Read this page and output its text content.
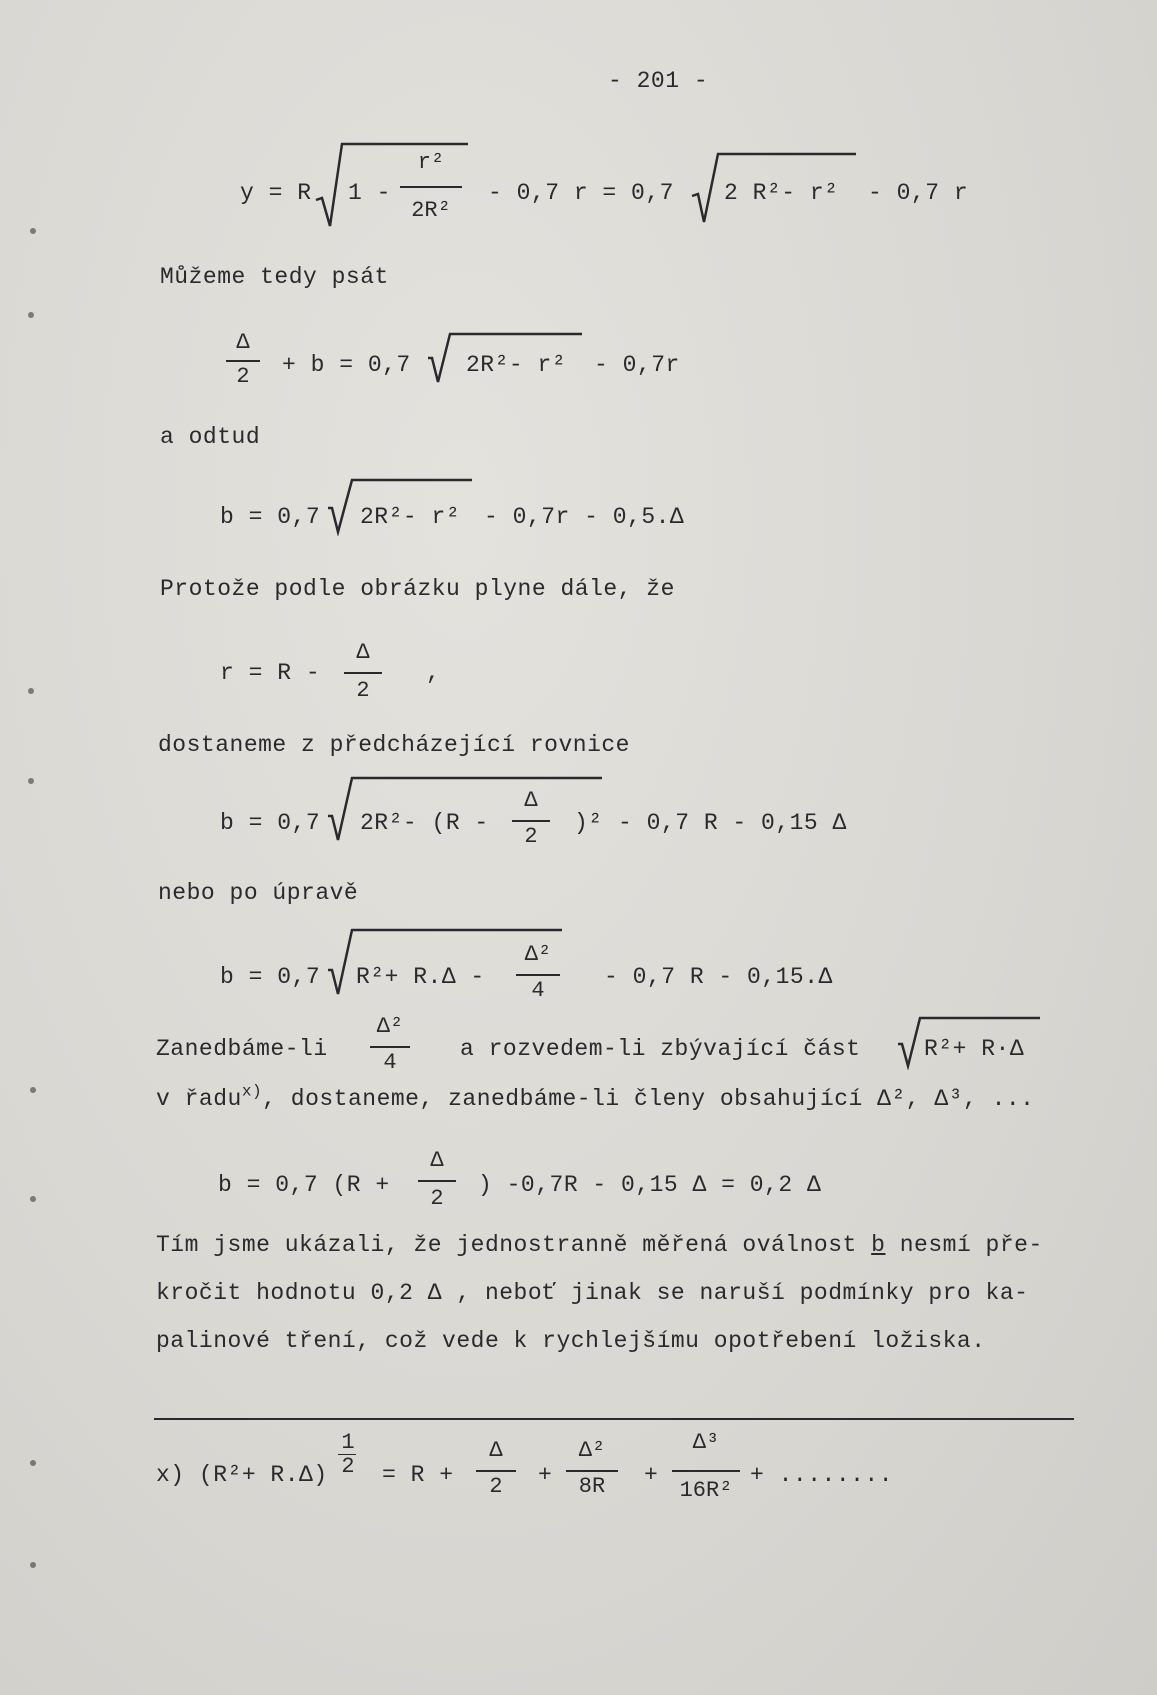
- 201 -
y = R 1 -
r²
2R²
- 0,7 r = 0,7 2 R²- r² - 0,7 r
Můžeme tedy psát
Δ
2	+ b = 0,7 2R²- r² - 0,7r
a odtud
b = 0,7 2R²- r² - 0,7r - 0,5.Δ
Protože podle obrázku plyne dále, že
r = R -
Δ
2
,
dostaneme z předcházející rovnice
b = 0,7 2R²- (R -
Δ
2
)² - 0,7 R - 0,15 Δ
nebo po úpravě
b = 0,7 R²+ R.Δ -
Δ²
4
- 0,7 R - 0,15.Δ
Zanedbáme-li
Δ²
4
a rozvedem-li zbývající část	R²+ R·Δ
v řadu$^{x)}$, dostaneme, zanedbáme-li členy obsahující Δ², Δ³, ...
b = 0,7 (R +
Δ
2
) -0,7R - 0,15 Δ = 0,2 Δ
Tím jsme ukázali, že jednostranně měřená oválnost b nesmí pře-
kročit hodnotu 0,2 Δ , neboť jinak se naruší podmínky pro ka-
palinové tření, což vede k rychlejšímu opotřebení ložiska.
x) (R²+ R.Δ)
1
2 = R +
Δ
2	+
Δ²
8R	+
Δ³
16R²
+ ........
